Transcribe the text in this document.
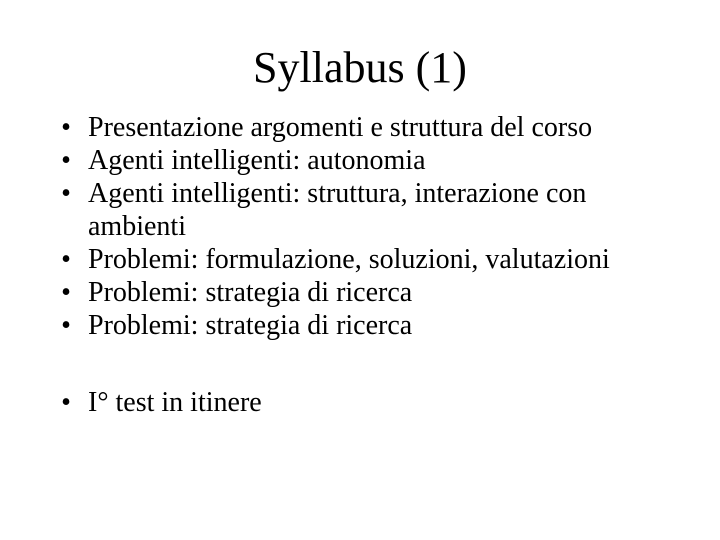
Syllabus (1)
• Presentazione argomenti e struttura del corso
• Agenti intelligenti: autonomia
• Agenti intelligenti: struttura, interazione con ambienti
• Problemi: formulazione, soluzioni, valutazioni
• Problemi: strategia di ricerca
• Problemi: strategia di ricerca
• I° test in itinere
